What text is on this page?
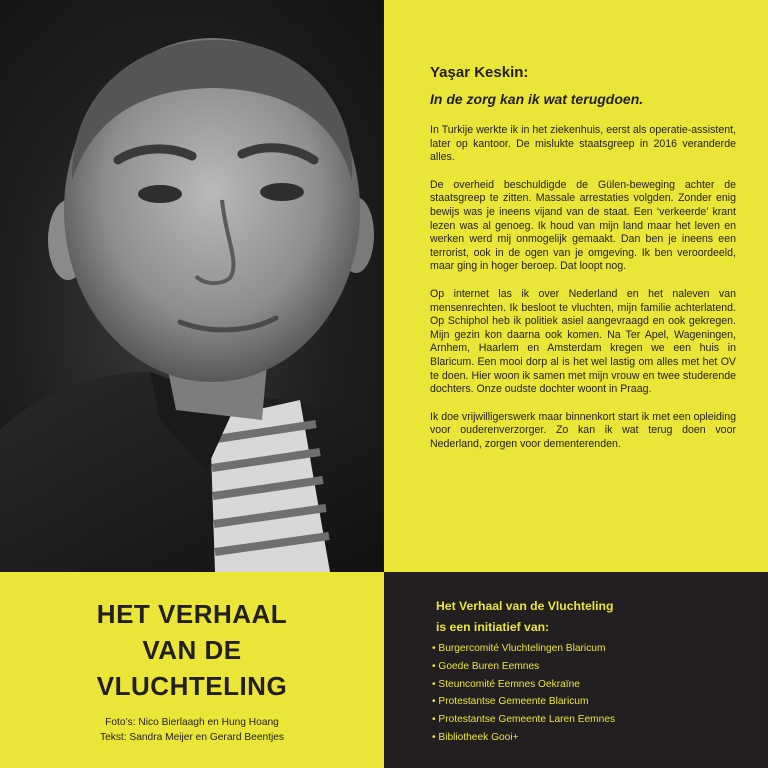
Yaşar Keskin:
In de zorg kan ik wat terugdoen.

In Turkije werkte ik in het ziekenhuis, eerst als operatie-assistent, later op kantoor. De mislukte staatsgreep in 2016 veranderde alles.

De overheid beschuldigde de Gülen-beweging achter de staatsgreep te zitten. Massale arrestaties volgden. Zonder enig bewijs was je ineens vijand van de staat. Een ‘verkeerde’ krant lezen was al genoeg. Ik houd van mijn land maar het leven en werken werd mij onmogelijk gemaakt. Dan ben je ineens een terrorist, ook in de ogen van je omgeving. Ik ben veroordeeld, maar ging in hoger beroep. Dat loopt nog.

Op internet las ik over Nederland en het naleven van mensenrechten. Ik besloot te vluchten, mijn familie achterlatend. Op Schiphol heb ik politiek asiel aangevraagd en ook gekregen. Mijn gezin kon daarna ook komen. Na Ter Apel, Wageningen, Arnhem, Haarlem en Amsterdam kregen we een huis in Blaricum. Een mooi dorp al is het wel lastig om alles met het OV te doen. Hier woon ik samen met mijn vrouw en twee studerende dochters. Onze oudste dochter woont in Praag.

Ik doe vrijwilligerswerk maar binnenkort start ik met een opleiding voor ouderenverzorger. Zo kan ik wat terug doen voor Nederland, zorgen voor dementerenden.

HET VERHAAL
VAN DE
VLUCHTELING
Foto’s: Nico Bierlaagh en Hung Hoang
Tekst: Sandra Meijer en Gerard Beentjes
Het Verhaal van de Vluchteling
is een initiatief van:
• Burgercomité Vluchtelingen Blaricum
• Goede Buren Eemnes
• Steuncomité Eemnes Oekraïne
• Protestantse Gemeente Blaricum
• Protestantse Gemeente Laren Eemnes
• Bibliotheek Gooi+
